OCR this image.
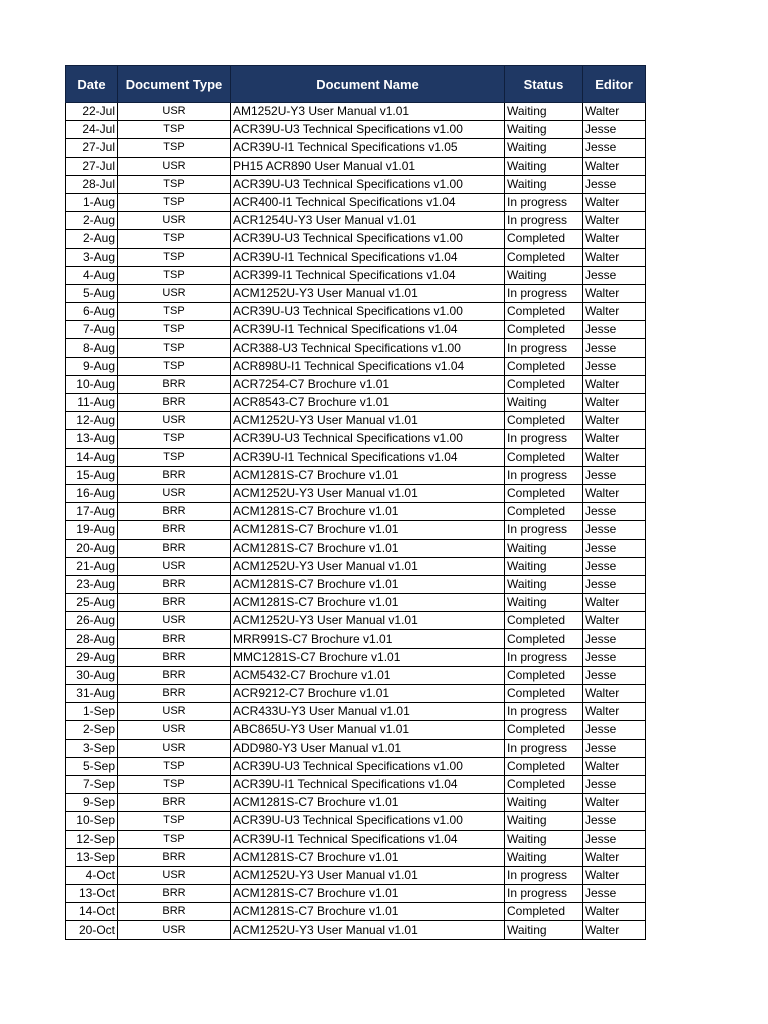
Date	Document Type	Document Name	Status	Editor
22-Jul	USR	AM1252U-Y3 User Manual v1.01	Waiting	Walter
24-Jul	TSP	ACR39U-U3 Technical Specifications v1.00	Waiting	Jesse
27-Jul	TSP	ACR39U-I1 Technical Specifications v1.05	Waiting	Jesse
27-Jul	USR	PH15 ACR890 User Manual v1.01	Waiting	Walter
28-Jul	TSP	ACR39U-U3 Technical Specifications v1.00	Waiting	Jesse
1-Aug	TSP	ACR400-I1 Technical Specifications v1.04	In progress	Walter
2-Aug	USR	ACR1254U-Y3 User Manual v1.01	In progress	Walter
2-Aug	TSP	ACR39U-U3 Technical Specifications v1.00	Completed	Walter
3-Aug	TSP	ACR39U-I1 Technical Specifications v1.04	Completed	Walter
4-Aug	TSP	ACR399-I1 Technical Specifications v1.04	Waiting	Jesse
5-Aug	USR	ACM1252U-Y3 User Manual v1.01	In progress	Walter
6-Aug	TSP	ACR39U-U3 Technical Specifications v1.00	Completed	Walter
7-Aug	TSP	ACR39U-I1 Technical Specifications v1.04	Completed	Jesse
8-Aug	TSP	ACR388-U3 Technical Specifications v1.00	In progress	Jesse
9-Aug	TSP	ACR898U-I1 Technical Specifications v1.04	Completed	Jesse
10-Aug	BRR	ACR7254-C7 Brochure v1.01	Completed	Walter
11-Aug	BRR	ACR8543-C7 Brochure v1.01	Waiting	Walter
12-Aug	USR	ACM1252U-Y3 User Manual v1.01	Completed	Walter
13-Aug	TSP	ACR39U-U3 Technical Specifications v1.00	In progress	Walter
14-Aug	TSP	ACR39U-I1 Technical Specifications v1.04	Completed	Walter
15-Aug	BRR	ACM1281S-C7 Brochure v1.01	In progress	Jesse
16-Aug	USR	ACM1252U-Y3 User Manual v1.01	Completed	Walter
17-Aug	BRR	ACM1281S-C7 Brochure v1.01	Completed	Jesse
19-Aug	BRR	ACM1281S-C7 Brochure v1.01	In progress	Jesse
20-Aug	BRR	ACM1281S-C7 Brochure v1.01	Waiting	Jesse
21-Aug	USR	ACM1252U-Y3 User Manual v1.01	Waiting	Jesse
23-Aug	BRR	ACM1281S-C7 Brochure v1.01	Waiting	Jesse
25-Aug	BRR	ACM1281S-C7 Brochure v1.01	Waiting	Walter
26-Aug	USR	ACM1252U-Y3 User Manual v1.01	Completed	Walter
28-Aug	BRR	MRR991S-C7 Brochure v1.01	Completed	Jesse
29-Aug	BRR	MMC1281S-C7 Brochure v1.01	In progress	Jesse
30-Aug	BRR	ACM5432-C7 Brochure v1.01	Completed	Jesse
31-Aug	BRR	ACR9212-C7 Brochure v1.01	Completed	Walter
1-Sep	USR	ACR433U-Y3 User Manual v1.01	In progress	Walter
2-Sep	USR	ABC865U-Y3 User Manual v1.01	Completed	Jesse
3-Sep	USR	ADD980-Y3 User Manual v1.01	In progress	Jesse
5-Sep	TSP	ACR39U-U3 Technical Specifications v1.00	Completed	Walter
7-Sep	TSP	ACR39U-I1 Technical Specifications v1.04	Completed	Jesse
9-Sep	BRR	ACM1281S-C7 Brochure v1.01	Waiting	Walter
10-Sep	TSP	ACR39U-U3 Technical Specifications v1.00	Waiting	Jesse
12-Sep	TSP	ACR39U-I1 Technical Specifications v1.04	Waiting	Jesse
13-Sep	BRR	ACM1281S-C7 Brochure v1.01	Waiting	Walter
4-Oct	USR	ACM1252U-Y3 User Manual v1.01	In progress	Walter
13-Oct	BRR	ACM1281S-C7 Brochure v1.01	In progress	Jesse
14-Oct	BRR	ACM1281S-C7 Brochure v1.01	Completed	Walter
20-Oct	USR	ACM1252U-Y3 User Manual v1.01	Waiting	Walter
